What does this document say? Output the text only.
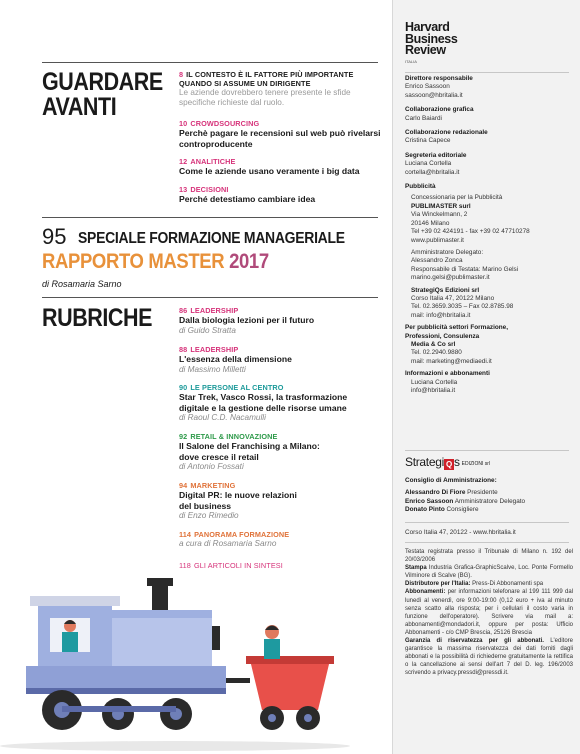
GUARDARE
AVANTI
8 IL CONTESTO È IL FATTORE PIÙ IMPORTANTE
QUANDO SI ASSUME UN DIRIGENTE
Le aziende dovrebbero tenere presente le sfide
specifiche richieste dal ruolo.
10 CROWDSOURCING
Perchè pagare le recensioni sul web può rivelarsi
controproducente
12 ANALITICHE
Come le aziende usano veramente i big data
13 DECISIONI
Perché detestiamo cambiare idea
95 SPECIALE FORMAZIONE MANAGERIALE
RAPPORTO MASTER 2017
di Rosamaria Sarno
RUBRICHE	86 LEADERSHIP
Dalla biologia lezioni per il futuro
di Guido Stratta
88 LEADERSHIP
L'essenza della dimensione
di Massimo Milletti
90 LE PERSONE AL CENTRO
Star Trek, Vasco Rossi, la trasformazione
digitale e la gestione delle risorse umane
di Raoul C.D. Nacamulli
92 RETAIL & INNOVAZIONE
Il Salone del Franchising a Milano:
dove cresce il retail
di Antonio Fossati
94 MARKETING
Digital PR: le nuove relazioni
del business
di Enzo Rimedio
114 PANORAMA FORMAZIONE
a cura di Rosamaria Sarno
118 GLI ARTICOLI IN SINTESI
Harvard
Business
Review
ITALIA
Direttore responsabile
Enrico Sassoon
sassoon@hbritalia.it
Collaborazione grafica
Carlo Baiardi
Collaborazione redazionale
Cristina Capece
Segreteria editoriale
Luciana Cortella
cortella@hbritalia.it
Pubblicità
Concessionaria per la Pubblicità
PUBLIMASTER surl
Via Winckelmann, 2
20146 Milano
Tel +39 02 424191 - fax +39 02 47710278
www.publimaster.it
Amministratore Delegato:
Alessandro Zonca
Responsabile di Testata: Marino Gelsi
marino.gelsi@publimaster.it
StrategiQs Edizioni srl
Corso Italia 47, 20122 Milano
Tel. 02.3659.3035 – Fax 02.8785.98
mail: info@hbritalia.it
Per pubblicità settori Formazione,
Professioni, Consulenza
Media & Co srl
Tel. 02.2940.9880
mail: marketing@mediaedi.it
Informazioni e abbonamenti
Luciana Cortella
info@hbritalia.it
Strategi Q s EDIZIONI srl
Consiglio di Amministrazione:
Alessandro Di Fiore Presidente
Enrico Sassoon Amministratore Delegato
Donato Pinto Consigliere
Corso Italia 47, 20122 - www.hbritalia.it
Testata registrata presso il Tribunale di Milano n. 192 del 20/03/2006
Stampa Industria Grafica-GraphicScalve, Loc. Ponte Formello Vilminore di Scalve (BG).
Distributore per l'Italia: Press-Di Abbonamenti spa
Abbonamenti: per informazioni telefonare al 199 111 999 dal lunedì al venerdì, ore 9:00-19:00 (0,12 euro + iva al minuto senza scatto alla risposta; per i cellulari il costo varia in funzione dell'operatore). Scrivere via mail a: abbonamenti@mondadori.it, oppure per posta: Ufficio Abbonamenti - c/o CMP Brescia, 25126 Brescia
Garanzia di riservatezza per gli abbonati. L'editore garantisce la massima riservatezza dei dati forniti dagli abbonati e la possibilità di richiederne gratuitamente la rettifica o la cancellazione ai sensi dell'art 7 del D. leg. 196/2003 scrivendo a privacy.pressdi@pressdi.it.
